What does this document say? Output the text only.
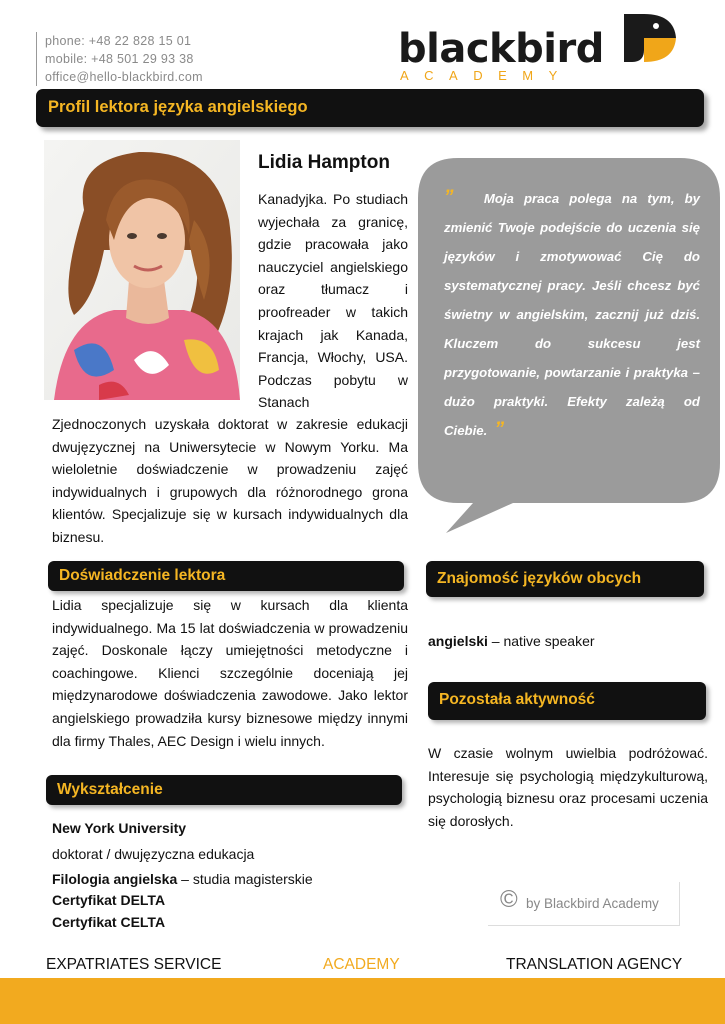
phone: +48 22 828 15 01
mobile: +48 501 29 93 38
office@hello-blackbird.com
blackbird
ACADEMY
Profil lektora języka angielskiego
Lidia Hampton
Kanadyjka. Po studiach wyjechała za granicę, gdzie pracowała jako nauczyciel angielskiego oraz tłumacz i proofreader w takich krajach jak Kanada, Francja, Włochy, USA. Podczas pobytu w Stanach
Zjednoczonych uzyskała doktorat w zakresie edukacji dwujęzycznej na Uniwersytecie w Nowym Yorku. Ma wieloletnie doświadczenie w prowadzeniu zajęć indywidualnych i grupowych dla różnorodnego grona klientów. Specjalizuje się w kursach indywidualnych dla biznesu.
” Moja praca polega na tym, by zmienić Twoje podejście do uczenia się języków i zmotywować Cię do systematycznej pracy. Jeśli chcesz być świetny w angielskim, zacznij już dziś. Kluczem do sukcesu jest przygotowanie, powtarzanie i praktyka – dużo praktyki. Efekty zależą od Ciebie. ”
Doświadczenie lektora
Lidia specjalizuje się w kursach dla klienta indywidualnego. Ma 15 lat doświadczenia w prowadzeniu zajęć. Doskonale łączy umiejętności metodyczne i coachingowe. Klienci szczególnie doceniają jej międzynarodowe doświadczenia zawodowe. Jako lektor angielskiego prowadziła kursy biznesowe między innymi dla firmy Thales, AEC Design i wielu innych.
Wykształcenie
New York University
doktorat / dwujęzyczna edukacja
Filologia angielska – studia magisterskie
Certyfikat DELTA
Certyfikat CELTA
Znajomość języków obcych
angielski – native speaker
Pozostała aktywność
W czasie wolnym uwielbia podróżować. Interesuje się psychologią międzykulturową, psychologią biznesu oraz procesami uczenia się dorosłych.
© by Blackbird Academy
EXPATRIATES SERVICE	ACADEMY	TRANSLATION AGENCY
